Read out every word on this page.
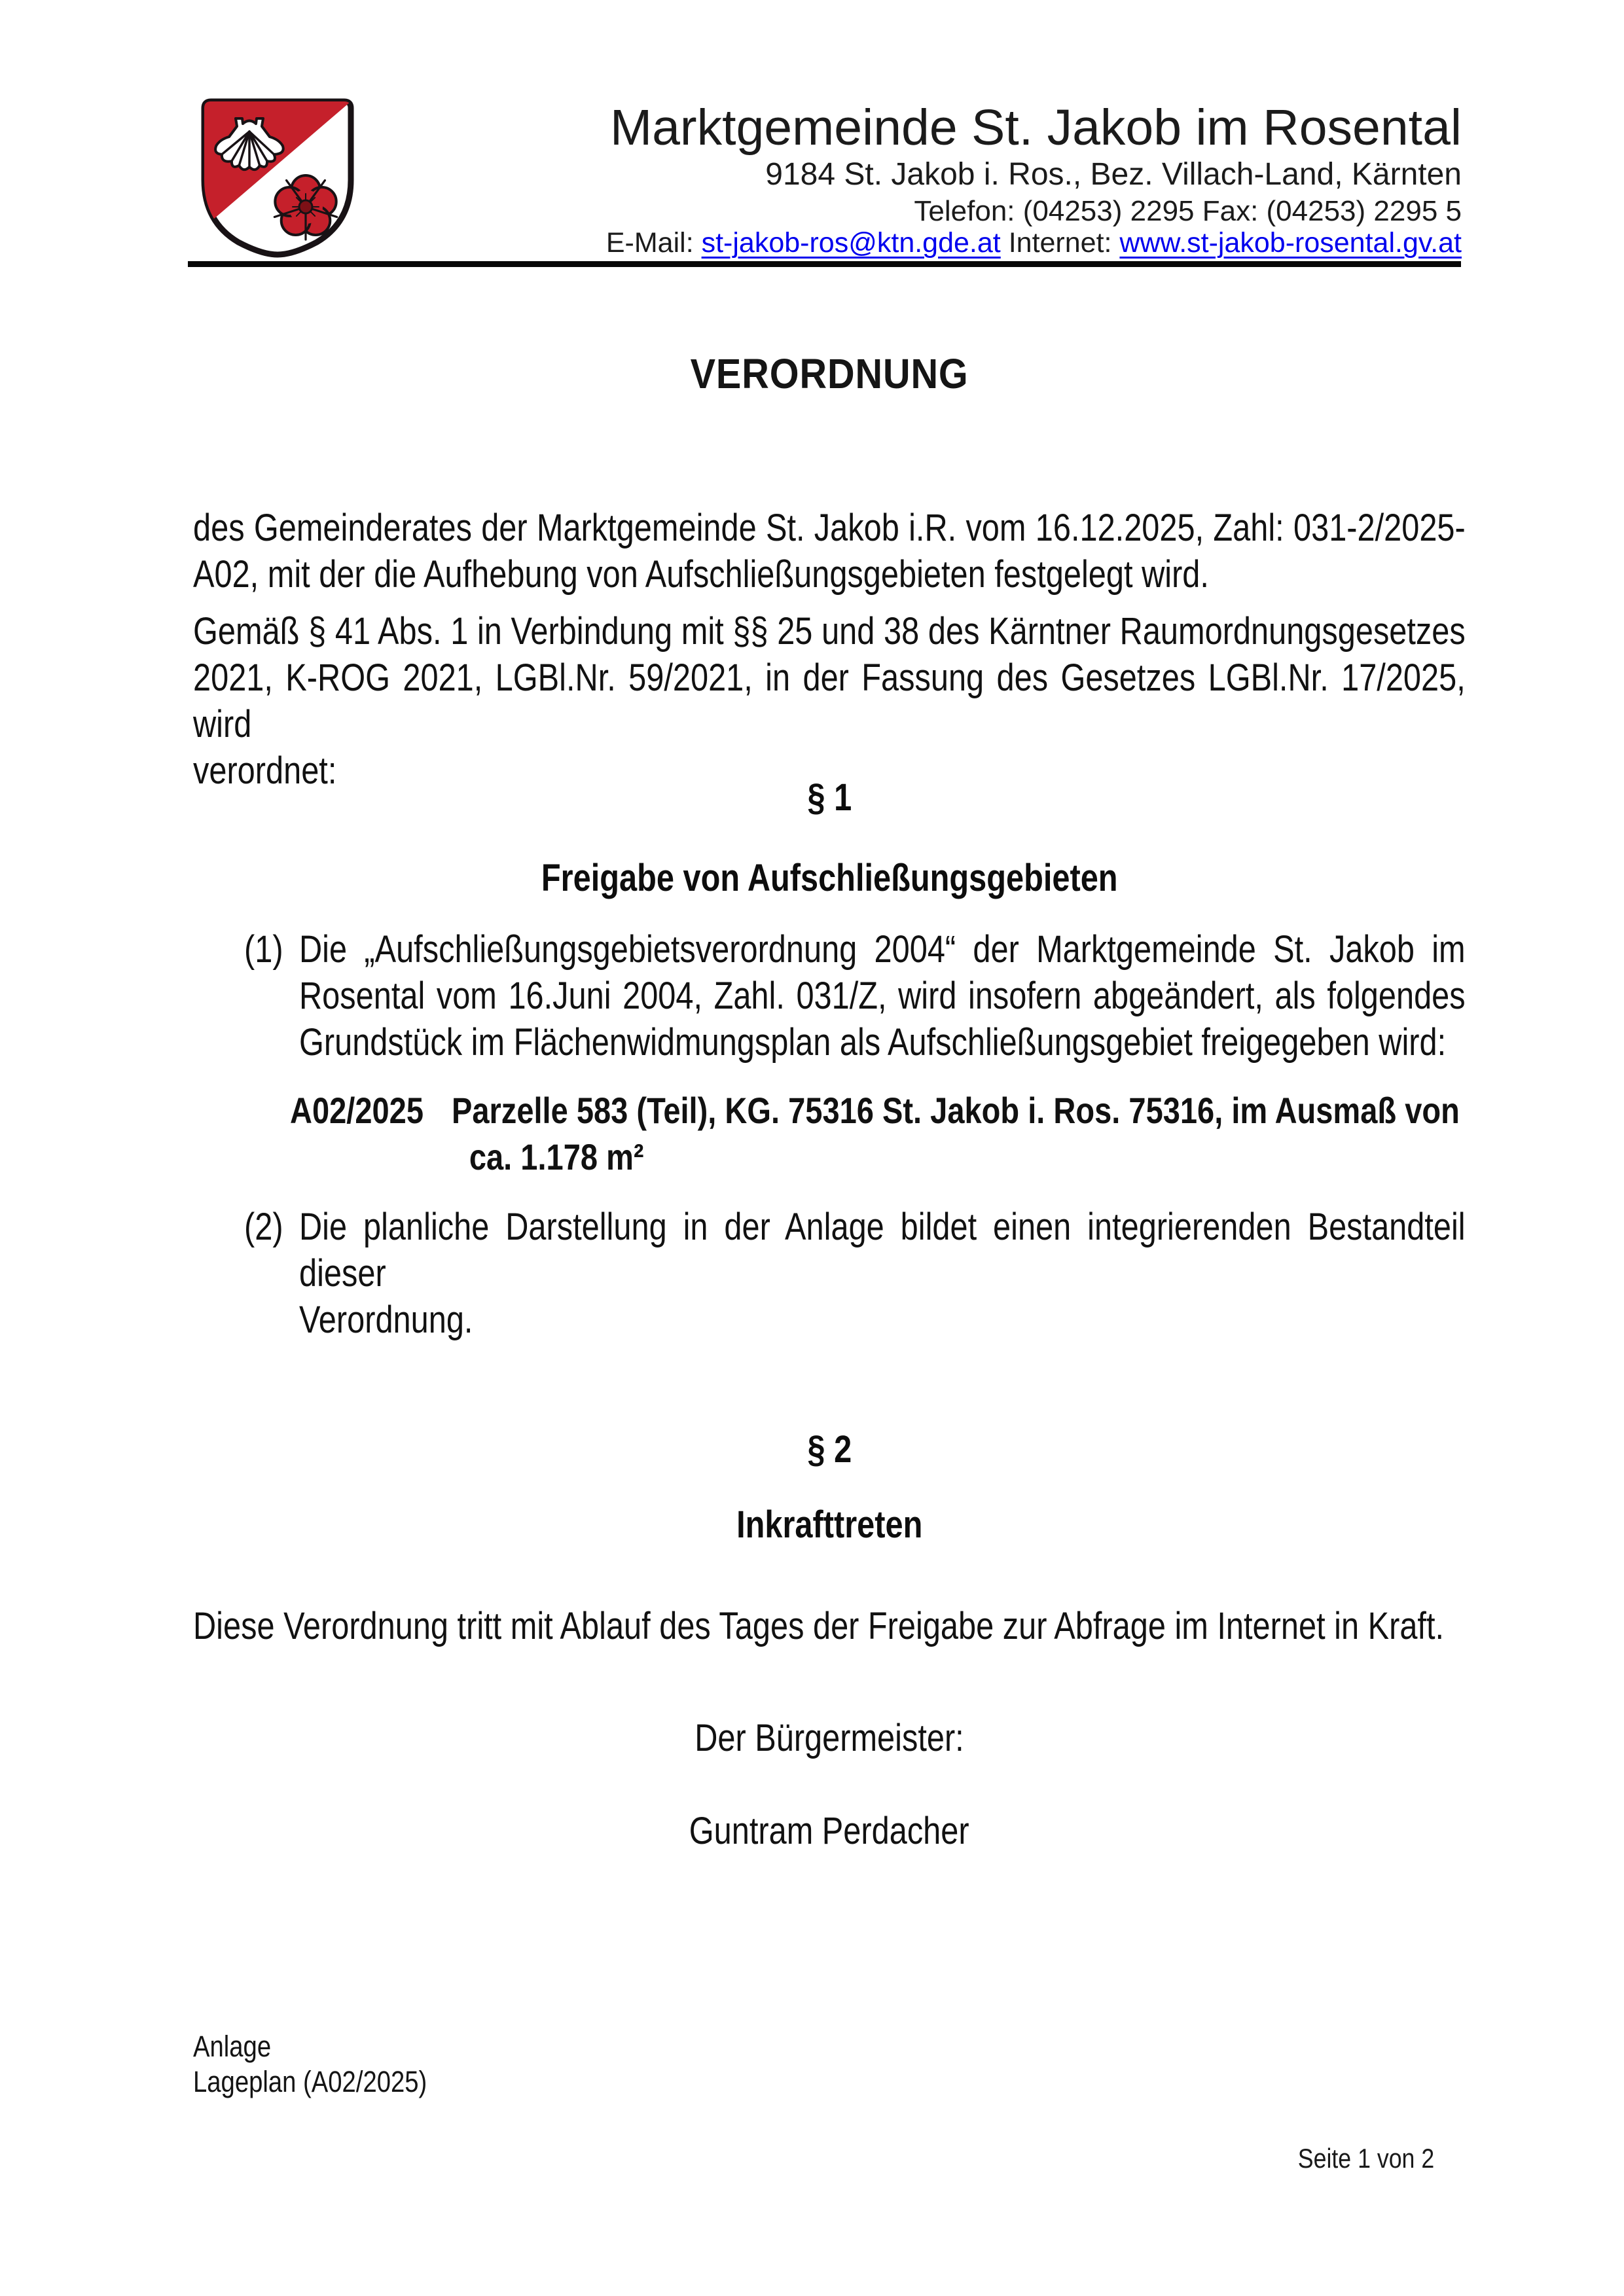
Marktgemeinde St. Jakob im Rosental
9184 St. Jakob i. Ros., Bez. Villach-Land, Kärnten
Telefon: (04253) 2295 Fax: (04253) 2295 5
E-Mail: st-jakob-ros@ktn.gde.at Internet: www.st-jakob-rosental.gv.at
VERORDNUNG
des Gemeinderates der Marktgemeinde St. Jakob i.R. vom 16.12.2025, Zahl: 031-2/2025-
A02, mit der die Aufhebung von Aufschließungsgebieten festgelegt wird.
Gemäß § 41 Abs. 1 in Verbindung mit §§ 25 und 38 des Kärntner Raumordnungsgesetzes
2021, K-ROG 2021, LGBl.Nr. 59/2021, in der Fassung des Gesetzes LGBl.Nr. 17/2025, wird
verordnet:
§ 1
Freigabe von Aufschließungsgebieten
(1) Die „Aufschließungsgebietsverordnung 2004“ der Marktgemeinde St. Jakob im
Rosental vom 16.Juni 2004, Zahl. 031/Z, wird insofern abgeändert, als folgendes
Grundstück im Flächenwidmungsplan als Aufschließungsgebiet freigegeben wird:
A02/2025 Parzelle 583 (Teil), KG. 75316 St. Jakob i. Ros. 75316, im Ausmaß von
ca. 1.178 m²
(2) Die planliche Darstellung in der Anlage bildet einen integrierenden Bestandteil dieser
Verordnung.
§ 2
Inkrafttreten
Diese Verordnung tritt mit Ablauf des Tages der Freigabe zur Abfrage im Internet in Kraft.
Der Bürgermeister:
Guntram Perdacher
Anlage
Lageplan (A02/2025)
Seite 1 von 2
